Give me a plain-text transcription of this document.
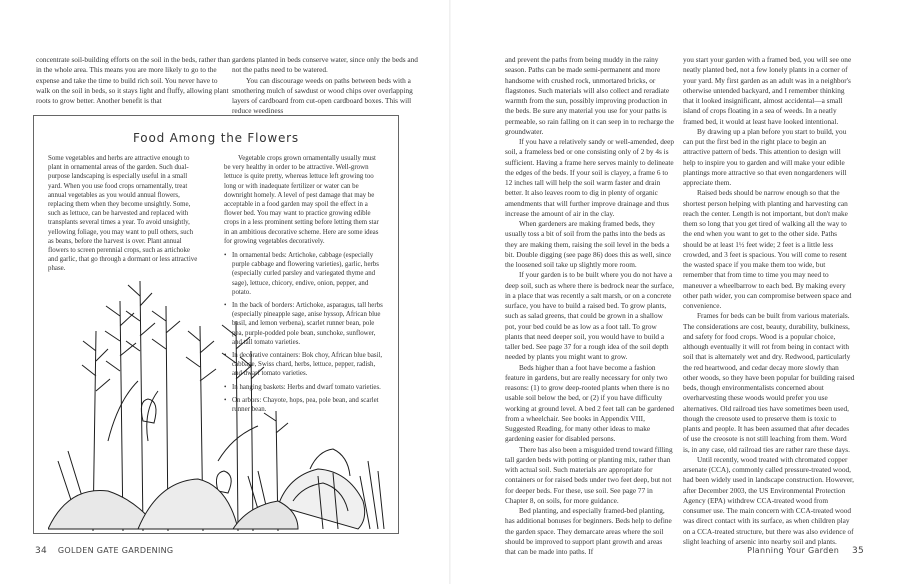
concentrate soil-building efforts on the soil in the beds, rather than in the whole area. This means you are more likely to go to the expense and take the time to build rich soil. You never have to walk on the soil in beds, so it stays light and fluffy, allowing plant roots to grow better. Another benefit is that

gardens planted in beds conserve water, since only the beds and not the paths need to be watered.

You can discourage weeds on paths between beds with a smothering mulch of sawdust or wood chips over overlapping layers of cardboard from cut-open cardboard boxes. This will reduce weediness

Food Among the Flowers

Some vegetables and herbs are attractive enough to plant in ornamental areas of the garden. Such dual-purpose landscaping is especially useful in a small yard. When you use food crops ornamentally, treat annual vegetables as you would annual flowers, replacing them when they become unsightly. Some, such as lettuce, can be harvested and replaced with transplants several times a year. To avoid unsightly, yellowing foliage, you may want to pull others, such as beans, before the harvest is over. Plant annual flowers to screen perennial crops, such as artichoke and garlic, that go through a dormant or less attractive phase.

Vegetable crops grown ornamentally usually must be very healthy in order to be attractive. Well-grown lettuce is quite pretty, whereas lettuce left growing too long or with inadequate fertilizer or water can be downright homely. A level of pest damage that may be acceptable in a food garden may spoil the effect in a flower bed. You may want to practice growing edible crops in a less prominent setting before letting them star in an ambitious decorative scheme. Here are some ideas for growing vegetables decoratively.

• In ornamental beds: Artichoke, cabbage (especially purple cabbage and flowering varieties), garlic, herbs (especially curled parsley and variegated thyme and sage), lettuce, chicory, endive, onion, pepper, and potato.
• In the back of borders: Artichoke, asparagus, tall herbs (especially pineapple sage, anise hyssop, African blue basil, and lemon verbena), scarlet runner bean, pole pea, purple-podded pole bean, sunchoke, sunflower, and tall tomato varieties.
• In decorative containers: Bok choy, African blue basil, cabbage, Swiss chard, herbs, lettuce, pepper, radish, and dwarf tomato varieties.
• In hanging baskets: Herbs and dwarf tomato varieties.
• On arbors: Chayote, hops, pea, pole bean, and scarlet runner bean.
34 GOLDEN GATE GARDENING

and prevent the paths from being muddy in the rainy season. Paths can be made semi-permanent and more handsome with crushed rock, unmortared bricks, or flagstones. Such materials will also collect and reradiate warmth from the sun, possibly improving production in the beds. Be sure any material you use for your paths is permeable, so rain falling on it can seep in to recharge the groundwater.

If you have a relatively sandy or well-amended, deep soil, a frameless bed or one consisting only of 2 by 4s is sufficient. Having a frame here serves mainly to delineate the edges of the beds. If your soil is clayey, a frame 6 to 12 inches tall will help the soil warm faster and drain better. It also leaves room to dig in plenty of organic amendments that will further improve drainage and thus increase the amount of air in the clay.

When gardeners are making framed beds, they usually toss a bit of soil from the paths into the beds as they are making them, raising the soil level in the beds a bit. Double digging (see page 86) does this as well, since the loosened soil take up slightly more room.

If your garden is to be built where you do not have a deep soil, such as where there is bedrock near the surface, in a place that was recently a salt marsh, or on a concrete surface, you have to build a raised bed. To grow plants, such as salad greens, that could be grown in a shallow pot, your bed could be as low as a foot tall. To grow plants that need deeper soil, you would have to build a taller bed. See page 37 for a rough idea of the soil depth needed by plants you might want to grow.

Beds higher than a foot have become a fashion feature in gardens, but are really necessary for only two reasons: (1) to grow deep-rooted plants when there is no usable soil below the bed, or (2) if you have difficulty working at ground level. A bed 2 feet tall can be gardened from a wheelchair. See books in Appendix VIII, Suggested Reading, for many other ideas to make gardening easier for disabled persons.

There has also been a misguided trend toward filling tall garden beds with potting or planting mix, rather than with actual soil. Such materials are appropriate for containers or for raised beds under two feet deep, but not for deeper beds. For these, use soil. See page 77 in Chapter 8, on soils, for more guidance.

Bed planting, and especially framed-bed planting, has additional bonuses for beginners. Beds help to define the garden space. They demarcate areas where the soil should be improved to support plant growth and areas that can be made into paths. If

you start your garden with a framed bed, you will see one neatly planted bed, not a few lonely plants in a corner of your yard. My first garden as an adult was in a neighbor's otherwise untended backyard, and I remember thinking that it looked insignificant, almost accidental—a small island of crops floating in a sea of weeds. In a neatly framed bed, it would at least have looked intentional.

By drawing up a plan before you start to build, you can put the first bed in the right place to begin an attractive pattern of beds. This attention to design will help to inspire you to garden and will make your edible plantings more attractive so that even nongardeners will appreciate them.

Raised beds should be narrow enough so that the shortest person helping with planting and harvesting can reach the center. Length is not important, but don't make them so long that you get tired of walking all the way to the end when you want to get to the other side. Paths should be at least 1½ feet wide; 2 feet is a little less crowded, and 3 feet is spacious. You will come to resent the wasted space if you make them too wide, but remember that from time to time you may need to maneuver a wheelbarrow to each bed. By making every other path wider, you can compromise between space and convenience.

Frames for beds can be built from various materials. The considerations are cost, beauty, durability, bulkiness, and safety for food crops. Wood is a popular choice, although eventually it will rot from being in contact with soil that is alternately wet and dry. Redwood, particularly the red heartwood, and cedar decay more slowly than other woods, so they have been popular for building raised beds, though environmentalists concerned about overharvesting these woods would prefer you use alternatives. Old railroad ties have sometimes been used, though the creosote used to preserve them is toxic to plants and people. It has been assumed that after decades of use the creosote is not still leaching from them. Word is, in any case, old railroad ties are rather rare these days.

Until recently, wood treated with chromated copper arsenate (CCA), commonly called pressure-treated wood, had been widely used in landscape construction. However, after December 2003, the US Environmental Protection Agency (EPA) withdrew CCA-treated wood from consumer use. The main concern with CCA-treated wood was direct contact with its surface, as when children play on a CCA-treated structure, but there was also evidence of slight leaching of arsenic into nearby soil and plants.

Planning Your Garden 35
